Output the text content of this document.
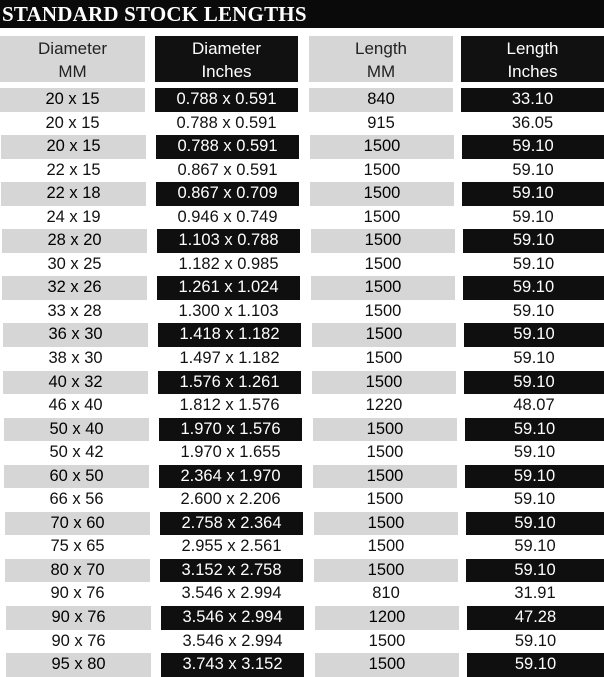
STANDARD STOCK LENGTHS
Diameter
MM
Diameter
Inches
Length
MM
Length
Inches
20 x 15	0.788 x 0.591	840	33.10
20 x 15	0.788 x 0.591	915	36.05
20 x 15	0.788 x 0.591	1500	59.10
22 x 15	0.867 x 0.591	1500	59.10
22 x 18	0.867 x 0.709	1500	59.10
24 x 19	0.946 x 0.749	1500	59.10
28 x 20	1.103 x 0.788	1500	59.10
30 x 25	1.182 x 0.985	1500	59.10
32 x 26	1.261 x 1.024	1500	59.10
33 x 28	1.300 x 1.103	1500	59.10
36 x 30	1.418 x 1.182	1500	59.10
38 x 30	1.497 x 1.182	1500	59.10
40 x 32	1.576 x 1.261	1500	59.10
46 x 40	1.812 x 1.576	1220	48.07
50 x 40	1.970 x 1.576	1500	59.10
50 x 42	1.970 x 1.655	1500	59.10
60 x 50	2.364 x 1.970	1500	59.10
66 x 56	2.600 x 2.206	1500	59.10
70 x 60	2.758 x 2.364	1500	59.10
75 x 65	2.955 x 2.561	1500	59.10
80 x 70	3.152 x 2.758	1500	59.10
90 x 76	3.546 x 2.994	810	31.91
90 x 76	3.546 x 2.994	1200	47.28
90 x 76	3.546 x 2.994	1500	59.10
95 x 80	3.743 x 3.152	1500	59.10
